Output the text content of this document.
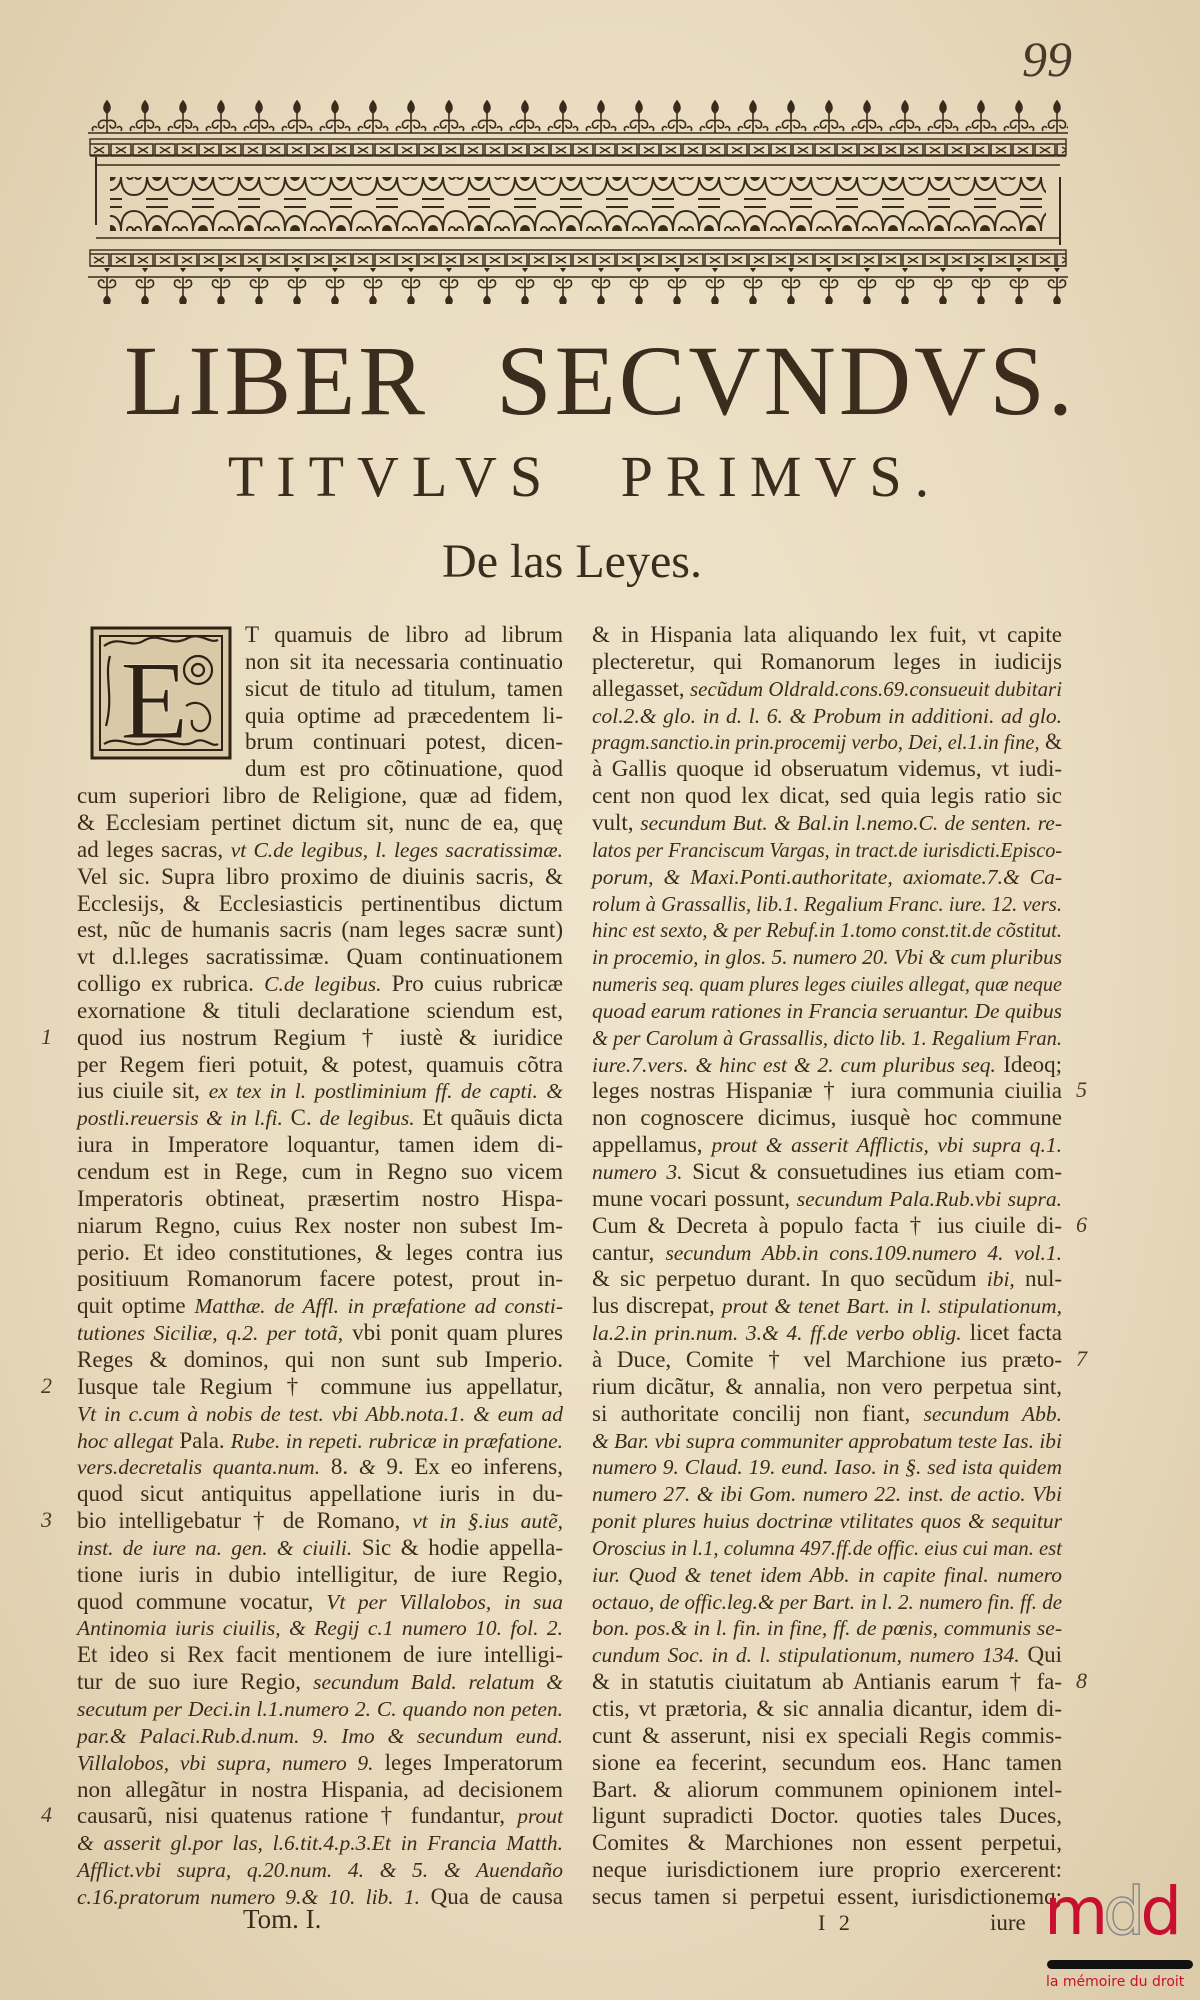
99
LIBER SECVNDVS.
TITVLVS PRIMVS.
De las Leyes.
E
T quamuis de libro ad librum
non sit ita necessaria continuatio
sicut de titulo ad titulum, tamen
quia optime ad præcedentem li-
brum continuari potest, dicen-
dum est pro cõtinuatione, quod
cum superiori libro de Religione, quæ ad fidem,
& Ecclesiam pertinet dictum sit, nunc de ea, quę
ad leges sacras, vt C.de legibus, l. leges sacratissimæ.
Vel sic. Supra libro proximo de diuinis sacris, &
Ecclesijs, & Ecclesiasticis pertinentibus dictum
est, nũc de humanis sacris (nam leges sacræ sunt)
vt d.l.leges sacratissimæ. Quam continuationem
colligo ex rubrica. C.de legibus. Pro cuius rubricæ
exornatione & tituli declaratione sciendum est,
quod ius nostrum Regium † iustè & iuridice
per Regem fieri potuit, & potest, quamuis cõtra
ius ciuile sit, ex tex in l. postliminium ff. de capti. &
postli.reuersis & in l.fi. C. de legibus. Et quãuis dicta
iura in Imperatore loquantur, tamen idem di-
cendum est in Rege, cum in Regno suo vicem
Imperatoris obtineat, præsertim nostro Hispa-
niarum Regno, cuius Rex noster non subest Im-
perio. Et ideo constitutiones, & leges contra ius
positiuum Romanorum facere potest, prout in-
quit optime Matthæ. de Affl. in præfatione ad consti-
tutiones Siciliæ, q.2. per totã, vbi ponit quam plures
Reges & dominos, qui non sunt sub Imperio.
Iusque tale Regium † commune ius appellatur,
Vt in c.cum à nobis de test. vbi Abb.nota.1. & eum ad
hoc allegat Pala. Rube. in repeti. rubricæ in præfatione.
vers.decretalis quanta.num. 8. & 9. Ex eo inferens,
quod sicut antiquitus appellatione iuris in du-
bio intelligebatur † de Romano, vt in §.ius autẽ,
inst. de iure na. gen. & ciuili. Sic & hodie appella-
tione iuris in dubio intelligitur, de iure Regio,
quod commune vocatur, Vt per Villalobos, in sua
Antinomia iuris ciuilis, & Regij c.1 numero 10. fol. 2.
Et ideo si Rex facit mentionem de iure intelligi-
tur de suo iure Regio, secundum Bald. relatum &
secutum per Deci.in l.1.numero 2. C. quando non peten.
par.& Palaci.Rub.d.num. 9. Imo & secundum eund.
Villalobos, vbi supra, numero 9. leges Imperatorum
non allegãtur in nostra Hispania, ad decisionem
causarũ, nisi quatenus ratione † fundantur, prout
& asserit gl.por las, l.6.tit.4.p.3.Et in Francia Matth.
Afflict.vbi supra, q.20.num. 4. & 5. & Auendaño
c.16.pratorum numero 9.& 10. lib. 1. Qua de causa
1
2
3
4
& in Hispania lata aliquando lex fuit, vt capite
plecteretur, qui Romanorum leges in iudicijs
allegasset, secũdum Oldrald.cons.69.consueuit dubitari
col.2.& glo. in d. l. 6. & Probum in additioni. ad glo.
pragm.sanctio.in prin.procemij verbo, Dei, el.1.in fine, &
à Gallis quoque id obseruatum videmus, vt iudi-
cent non quod lex dicat, sed quia legis ratio sic
vult, secundum But. & Bal.in l.nemo.C. de senten. re-
latos per Franciscum Vargas, in tract.de iurisdicti.Episco-
porum, & Maxi.Ponti.authoritate, axiomate.7.& Ca-
rolum à Grassallis, lib.1. Regalium Franc. iure. 12. vers.
hinc est sexto, & per Rebuf.in 1.tomo const.tit.de cõstitut.
in procemio, in glos. 5. numero 20. Vbi & cum pluribus
numeris seq. quam plures leges ciuiles allegat, quæ neque
quoad earum rationes in Francia seruantur. De quibus
& per Carolum à Grassallis, dicto lib. 1. Regalium Fran.
iure.7.vers. & hinc est & 2. cum pluribus seq. Ideoq;
leges nostras Hispaniæ † iura communia ciuilia
non cognoscere dicimus, iusquè hoc commune
appellamus, prout & asserit Afflictis, vbi supra q.1.
numero 3. Sicut & consuetudines ius etiam com-
mune vocari possunt, secundum Pala.Rub.vbi supra.
Cum & Decreta à populo facta † ius ciuile di-
cantur, secundum Abb.in cons.109.numero 4. vol.1.
& sic perpetuo durant. In quo secũdum ibi, nul-
lus discrepat, prout & tenet Bart. in l. stipulationum,
la.2.in prin.num. 3.& 4. ff.de verbo oblig. licet facta
à Duce, Comite † vel Marchione ius præto-
rium dicãtur, & annalia, non vero perpetua sint,
si authoritate concilij non fiant, secundum Abb.
& Bar. vbi supra communiter approbatum teste Ias. ibi
numero 9. Claud. 19. eund. Iaso. in §. sed ista quidem
numero 27. & ibi Gom. numero 22. inst. de actio. Vbi
ponit plures huius doctrinæ vtilitates quos & sequitur
Oroscius in l.1, columna 497.ff.de offic. eius cui man. est
iur. Quod & tenet idem Abb. in capite final. numero
octauo, de offic.leg.& per Bart. in l. 2. numero fin. ff. de
bon. pos.& in l. fin. in fine, ff. de pœnis, communis se-
cundum Soc. in d. l. stipulationum, numero 134. Qui
& in statutis ciuitatum ab Antianis earum † fa-
ctis, vt prætoria, & sic annalia dicantur, idem di-
cunt & asserunt, nisi ex speciali Regis commis-
sione ea fecerint, secundum eos. Hanc tamen
Bart. & aliorum communem opinionem intel-
ligunt supradicti Doctor. quoties tales Duces,
Comites & Marchiones non essent perpetui,
neque iurisdictionem iure proprio exercerent:
secus tamen si perpetui essent, iurisdictionemq;
5
6
7
8
Tom. I.	I 2	iure mdd
la mémoire du droit
